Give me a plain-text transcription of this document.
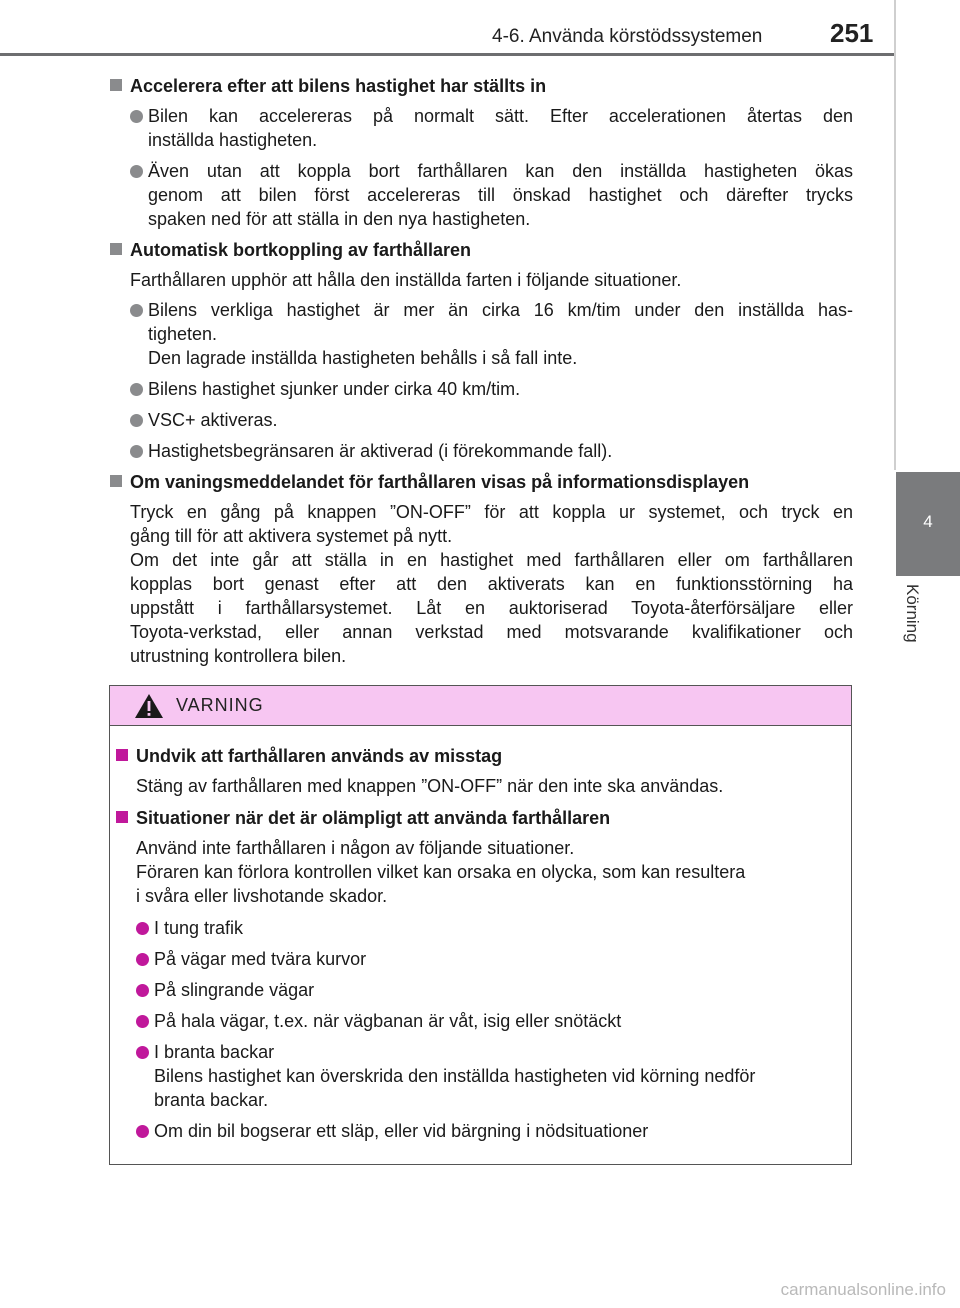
4-6. Använda körstödssystemen	251
4
Körning
Accelerera efter att bilens hastighet har ställts in
Bilen kan accelereras på normalt sätt. Efter accelerationen återtas den
inställda hastigheten.
Även utan att koppla bort farthållaren kan den inställda hastigheten ökas
genom att bilen först accelereras till önskad hastighet och därefter trycks
spaken ned för att ställa in den nya hastigheten.
Automatisk bortkoppling av farthållaren
Farthållaren upphör att hålla den inställda farten i följande situationer.
Bilens verkliga hastighet är mer än cirka 16 km/tim under den inställda has-
tigheten.
Den lagrade inställda hastigheten behålls i så fall inte.
Bilens hastighet sjunker under cirka 40 km/tim.
VSC+ aktiveras.
Hastighetsbegränsaren är aktiverad (i förekommande fall).
Om vaningsmeddelandet för farthållaren visas på informationsdisplayen
Tryck en gång på knappen ”ON-OFF” för att koppla ur systemet, och tryck en
gång till för att aktivera systemet på nytt.
Om det inte går att ställa in en hastighet med farthållaren eller om farthållaren
kopplas bort genast efter att den aktiverats kan en funktionsstörning ha
uppstått i farthållarsystemet. Låt en auktoriserad Toyota-återförsäljare eller
Toyota-verkstad, eller annan verkstad med motsvarande kvalifikationer och
utrustning kontrollera bilen.
VARNING
Undvik att farthållaren används av misstag
Stäng av farthållaren med knappen ”ON-OFF” när den inte ska användas.
Situationer när det är olämpligt att använda farthållaren
Använd inte farthållaren i någon av följande situationer.
Föraren kan förlora kontrollen vilket kan orsaka en olycka, som kan resultera
i svåra eller livshotande skador.
I tung trafik
På vägar med tvära kurvor
På slingrande vägar
På hala vägar, t.ex. när vägbanan är våt, isig eller snötäckt
I branta backar
Bilens hastighet kan överskrida den inställda hastigheten vid körning nedför
branta backar.
Om din bil bogserar ett släp, eller vid bärgning i nödsituationer
carmanualsonline.info
